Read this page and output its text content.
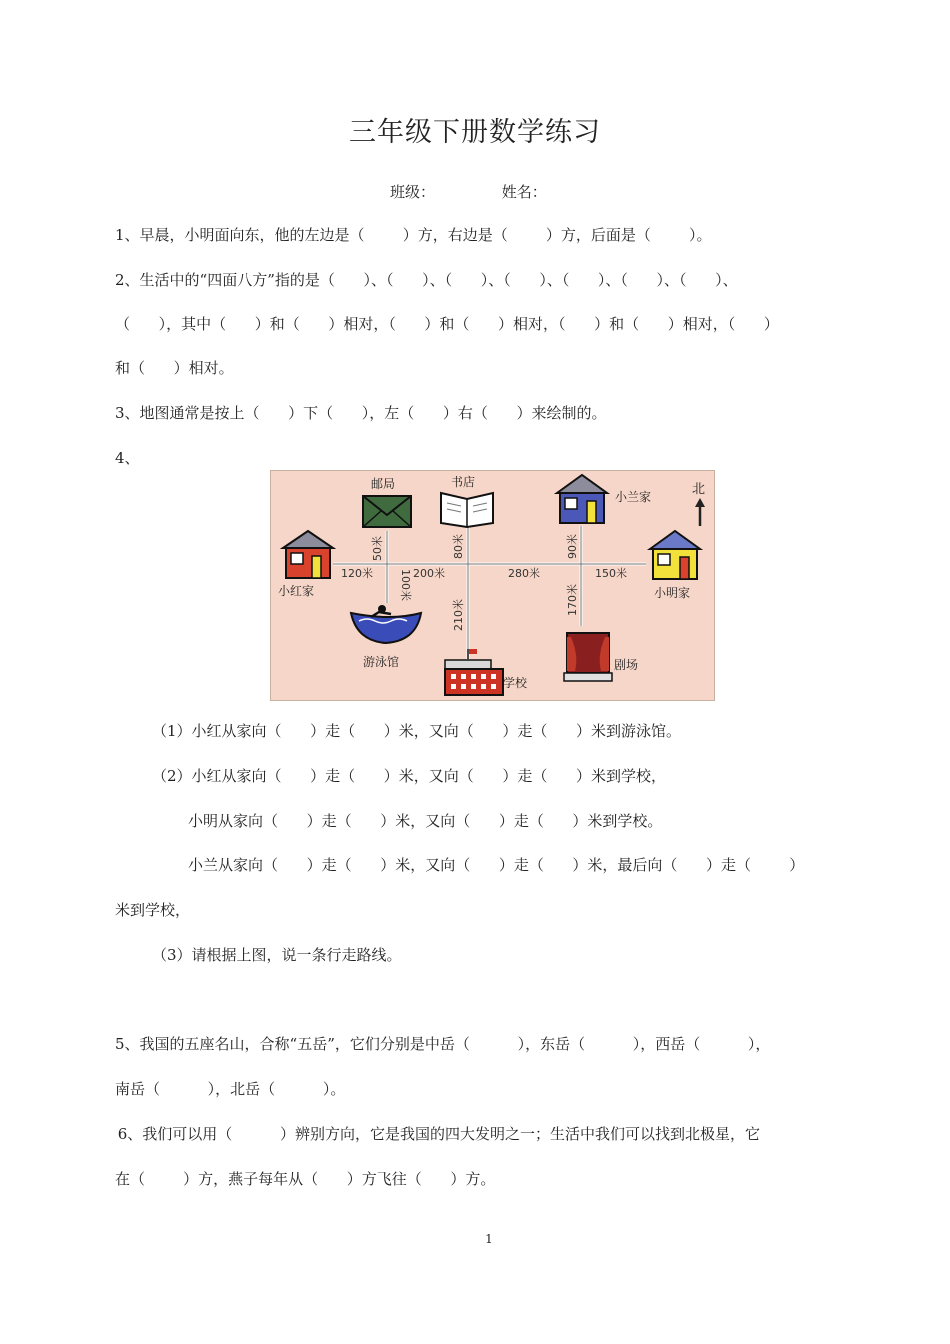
三年级下册数学练习
班级：              姓名：
1、早晨，小明面向东，他的左边是（        ）方，右边是（        ）方，后面是（        ）。
2、生活中的“四面八方”指的是（      ）、（      ）、（      ）、（      ）、（      ）、（      ）、（      ）、
（      ），其中（      ）和（      ）相对，（      ）和（      ）相对，（      ）和（      ）相对，（      ）
和（      ）相对。
3、地图通常是按上（      ）下（      ），左（      ）右（      ）来绘制的。
4、
邮局	书店
小兰家	北
小红家	小明家
游泳馆
学校
剧场
50米	80米	90米
120米	200米	280米	150米
100米
210米	170米
（1）小红从家向（      ）走（      ）米，又向（      ）走（      ）米到游泳馆。
（2）小红从家向（      ）走（      ）米，又向（      ）走（      ）米到学校，
小明从家向（      ）走（      ）米，又向（      ）走（      ）米到学校。
小兰从家向（      ）走（      ）米，又向（      ）走（      ）米，最后向（      ）走（        ）
米到学校，
（3）请根据上图，说一条行走路线。
5、我国的五座名山，合称“五岳”，它们分别是中岳（          ），东岳（          ），西岳（          ），
南岳（          ），北岳（          ）。
6、我们可以用（          ）辨别方向，它是我国的四大发明之一；生活中我们可以找到北极星，它
在（        ）方，燕子每年从（      ）方飞往（      ）方。
1
